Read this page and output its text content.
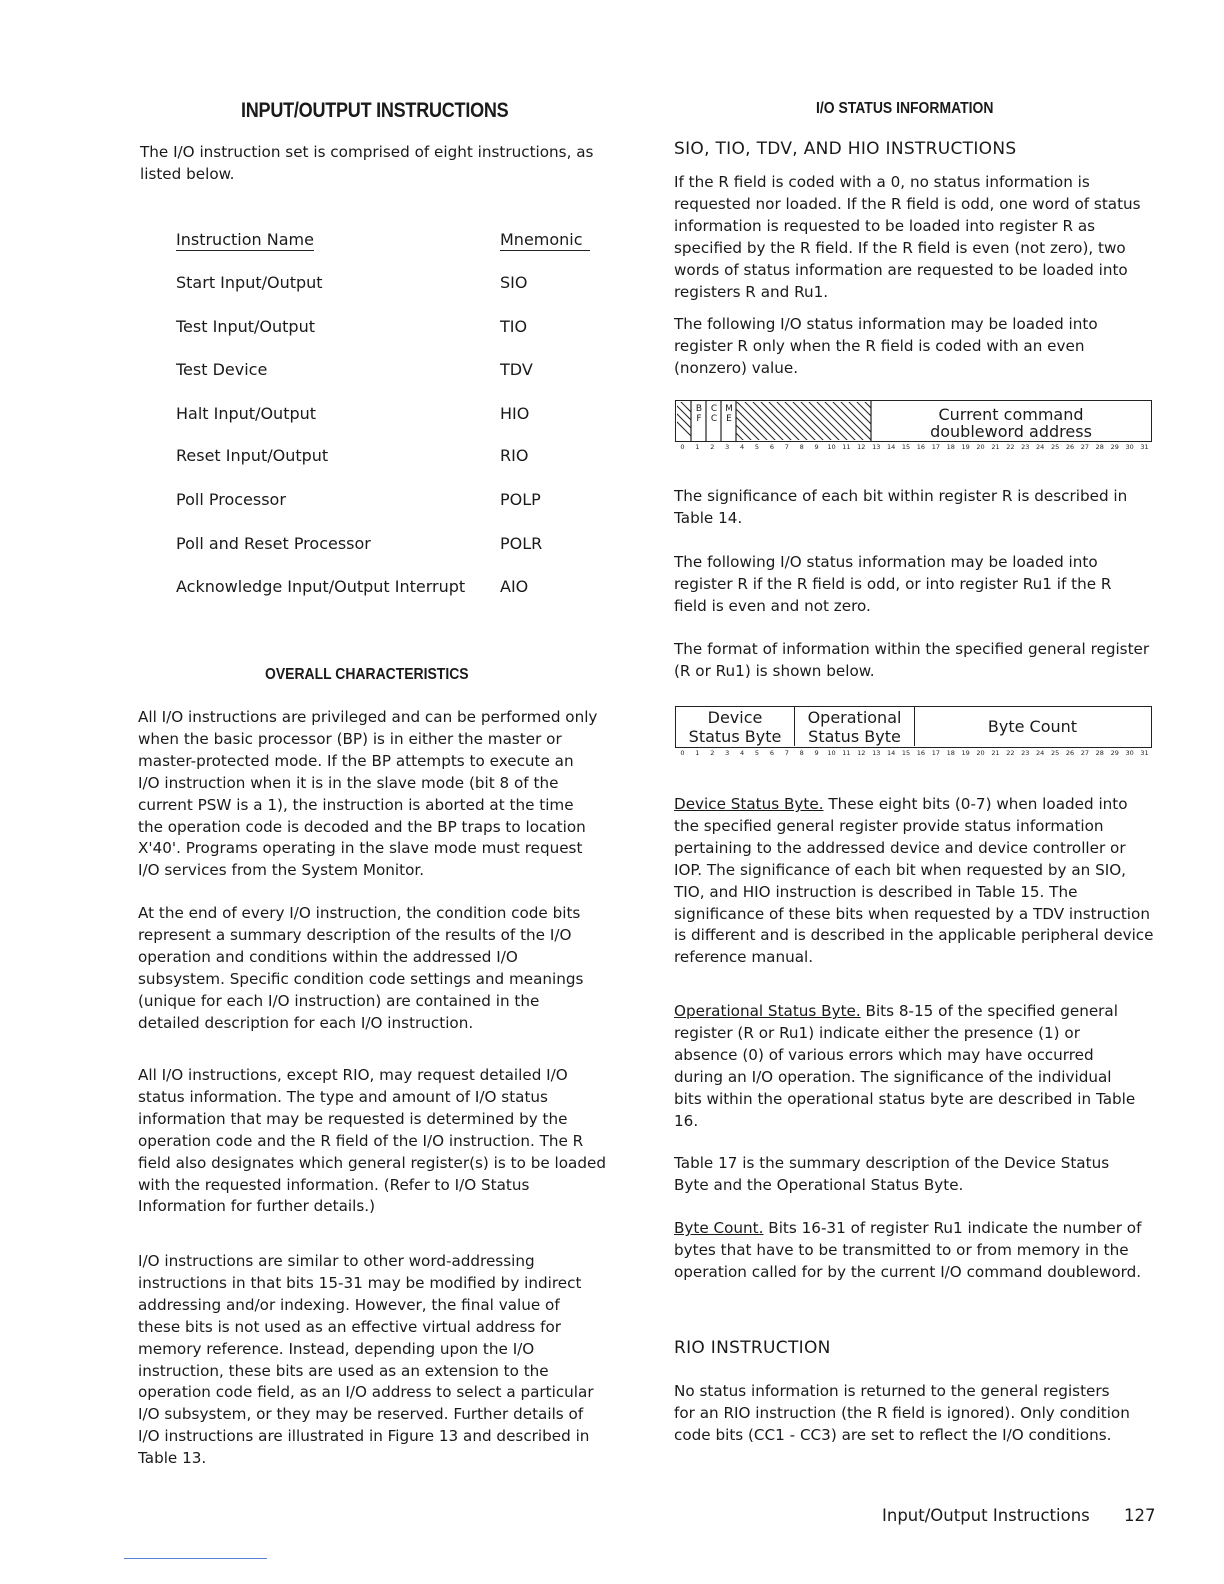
INPUT/OUTPUT INSTRUCTIONS

The I/O instruction set is comprised of eight instructions, as listed below.

Instruction Name	Mnemonic
Start Input/Output	SIO
Test Input/Output	TIO
Test Device	TDV
Halt Input/Output	HIO
Reset Input/Output	RIO
Poll Processor	POLP
Poll and Reset Processor	POLR
Acknowledge Input/Output Interrupt AIO
OVERALL CHARACTERISTICS

All I/O instructions are privileged and can be performed only when the basic processor (BP) is in either the master or master-protected mode. If the BP attempts to execute an I/O instruction when it is in the slave mode (bit 8 of the current PSW is a 1), the instruction is aborted at the time the operation code is decoded and the BP traps to location X'40'. Programs operating in the slave mode must request I/O services from the System Monitor.

At the end of every I/O instruction, the condition code bits represent a summary description of the results of the I/O operation and conditions within the addressed I/O subsystem. Specific condition code settings and meanings (unique for each I/O instruction) are contained in the detailed description for each I/O instruction.

All I/O instructions, except RIO, may request detailed I/O status information. The type and amount of I/O status information that may be requested is determined by the operation code and the R field of the I/O instruction. The R field also designates which general register(s) is to be loaded with the requested information. (Refer to I/O Status Information for further details.)

I/O instructions are similar to other word-addressing instructions in that bits 15-31 may be modified by indirect addressing and/or indexing. However, the final value of these bits is not used as an effective virtual address for memory reference. Instead, depending upon the I/O instruction, these bits are used as an extension to the operation code field, as an I/O address to select a particular I/O subsystem, or they may be reserved. Further details of I/O instructions are illustrated in Figure 13 and described in Table 13.

I/O STATUS INFORMATION
SIO, TIO, TDV, AND HIO INSTRUCTIONS

If the R field is coded with a 0, no status information is requested nor loaded. If the R field is odd, one word of status information is requested to be loaded into register R as specified by the R field. If the R field is even (not zero), two words of status information are requested to be loaded into registers R and Ru1.

The following I/O status information may be loaded into register R only when the R field is coded with an even (nonzero) value.

B
F
C
C
M
E	Current command
doubleword address
0	1	2	3	4	5	6	7	8	9	10	11	12	13	14	15	16	17	18	19	20	21	22	23	24	25	26	27	28	29	30	31

The significance of each bit within register R is described in Table 14.

The following I/O status information may be loaded into register R if the R field is odd, or into register Ru1 if the R field is even and not zero.

The format of information within the specified general register (R or Ru1) is shown below.

Device
Status Byte
Operational
Status Byte
Byte Count
0	1	2	3	4	5	6	7	8	9	10	11	12	13	14	15	16	17	18	19	20	21	22	23	24	25	26	27	28	29	30	31

Device Status Byte. These eight bits (0-7) when loaded into the specified general register provide status information pertaining to the addressed device and device controller or IOP. The significance of each bit when requested by an SIO, TIO, and HIO instruction is described in Table 15. The significance of these bits when requested by a TDV instruction is different and is described in the applicable peripheral device reference manual.

Operational Status Byte. Bits 8-15 of the specified general register (R or Ru1) indicate either the presence (1) or absence (0) of various errors which may have occurred during an I/O operation. The significance of the individual bits within the operational status byte are described in Table 16.

Table 17 is the summary description of the Device Status Byte and the Operational Status Byte.

Byte Count. Bits 16-31 of register Ru1 indicate the number of bytes that have to be transmitted to or from memory in the operation called for by the current I/O command doubleword.

RIO INSTRUCTION

No status information is returned to the general registers for an RIO instruction (the R field is ignored). Only condition code bits (CC1 - CC3) are set to reflect the I/O conditions.

Input/Output Instructions 127
